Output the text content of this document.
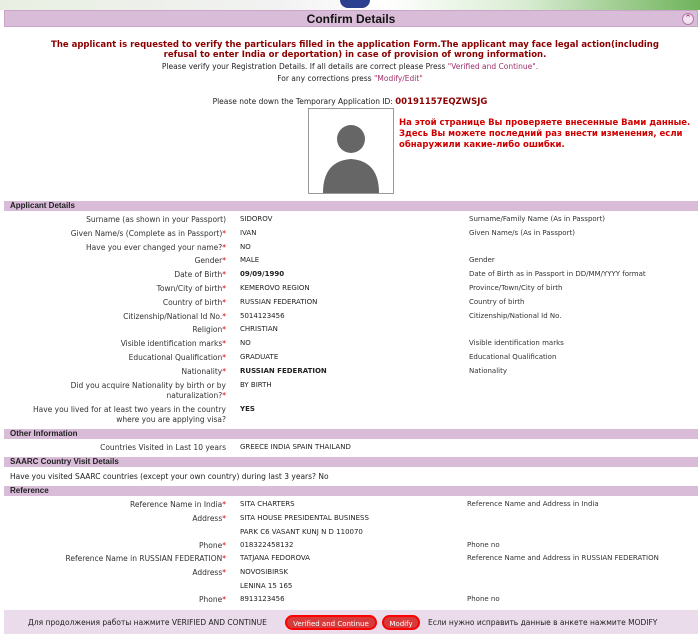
Confirm Details	⌃
The applicant is requested to verify the particulars filled in the application Form.The applicant may face legal action(including refusal to enter India or deportation) in case of provision of wrong information.
Please verify your Registration Details. If all details are correct please Press "Verified and Continue".
For any corrections press "Modify/Edit"
Please note down the Temporary Application ID: 00191157EQZWSJG
На этой странице Вы проверяете внесенные Вами данные. Здесь Вы можете последний раз внести изменения, если обнаружили какие-либо ошибки.
Applicant Details
Surname (as shown in your Passport) SIDOROV	Surname/Family Name (As in Passport)
Given Name/s (Complete as in Passport)* IVAN	Given Name/s (As in Passport)
Have you ever changed your name?* NO
Gender* MALE	Gender
Date of Birth* 09/09/1990	Date of Birth as in Passport in DD/MM/YYYY format
Town/City of birth* KEMEROVO REGION	Province/Town/City of birth
Country of birth* RUSSIAN FEDERATION	Country of birth
Citizenship/National Id No.* 5014123456	Citizenship/National Id No.
Religion* CHRISTIAN
Visible identification marks* NO	Visible identification marks
Educational Qualification* GRADUATE	Educational Qualification
Nationality* RUSSIAN FEDERATION	Nationality
Did you acquire Nationality by birth or by
naturalization?*
BY BIRTH
Have you lived for at least two years in the country
where you are applying visa?
YES
Other Information
Countries Visited in Last 10 years GREECE INDIA SPAIN THAILAND
SAARC Country Visit Details
Have you visited SAARC countries (except your own country) during last 3 years? No
Reference
Reference Name in India* SITA CHARTERS	Reference Name and Address in India
Address* SITA HOUSE PRESIDENTAL BUSINESS
PARK C6 VASANT KUNJ N D 110070
Phone* 018322458132	Phone no
Reference Name in RUSSIAN FEDERATION* TATJANA FEDOROVA	Reference Name and Address in RUSSIAN FEDERATION
Address* NOVOSIBIRSK
LENINA 15 165
Phone* 8913123456	Phone no
Для продолжения работы нажмите VERIFIED AND CONTINUE	Verified and Continue	Modify	Если нужно исправить данные в анкете нажмите MODIFY
